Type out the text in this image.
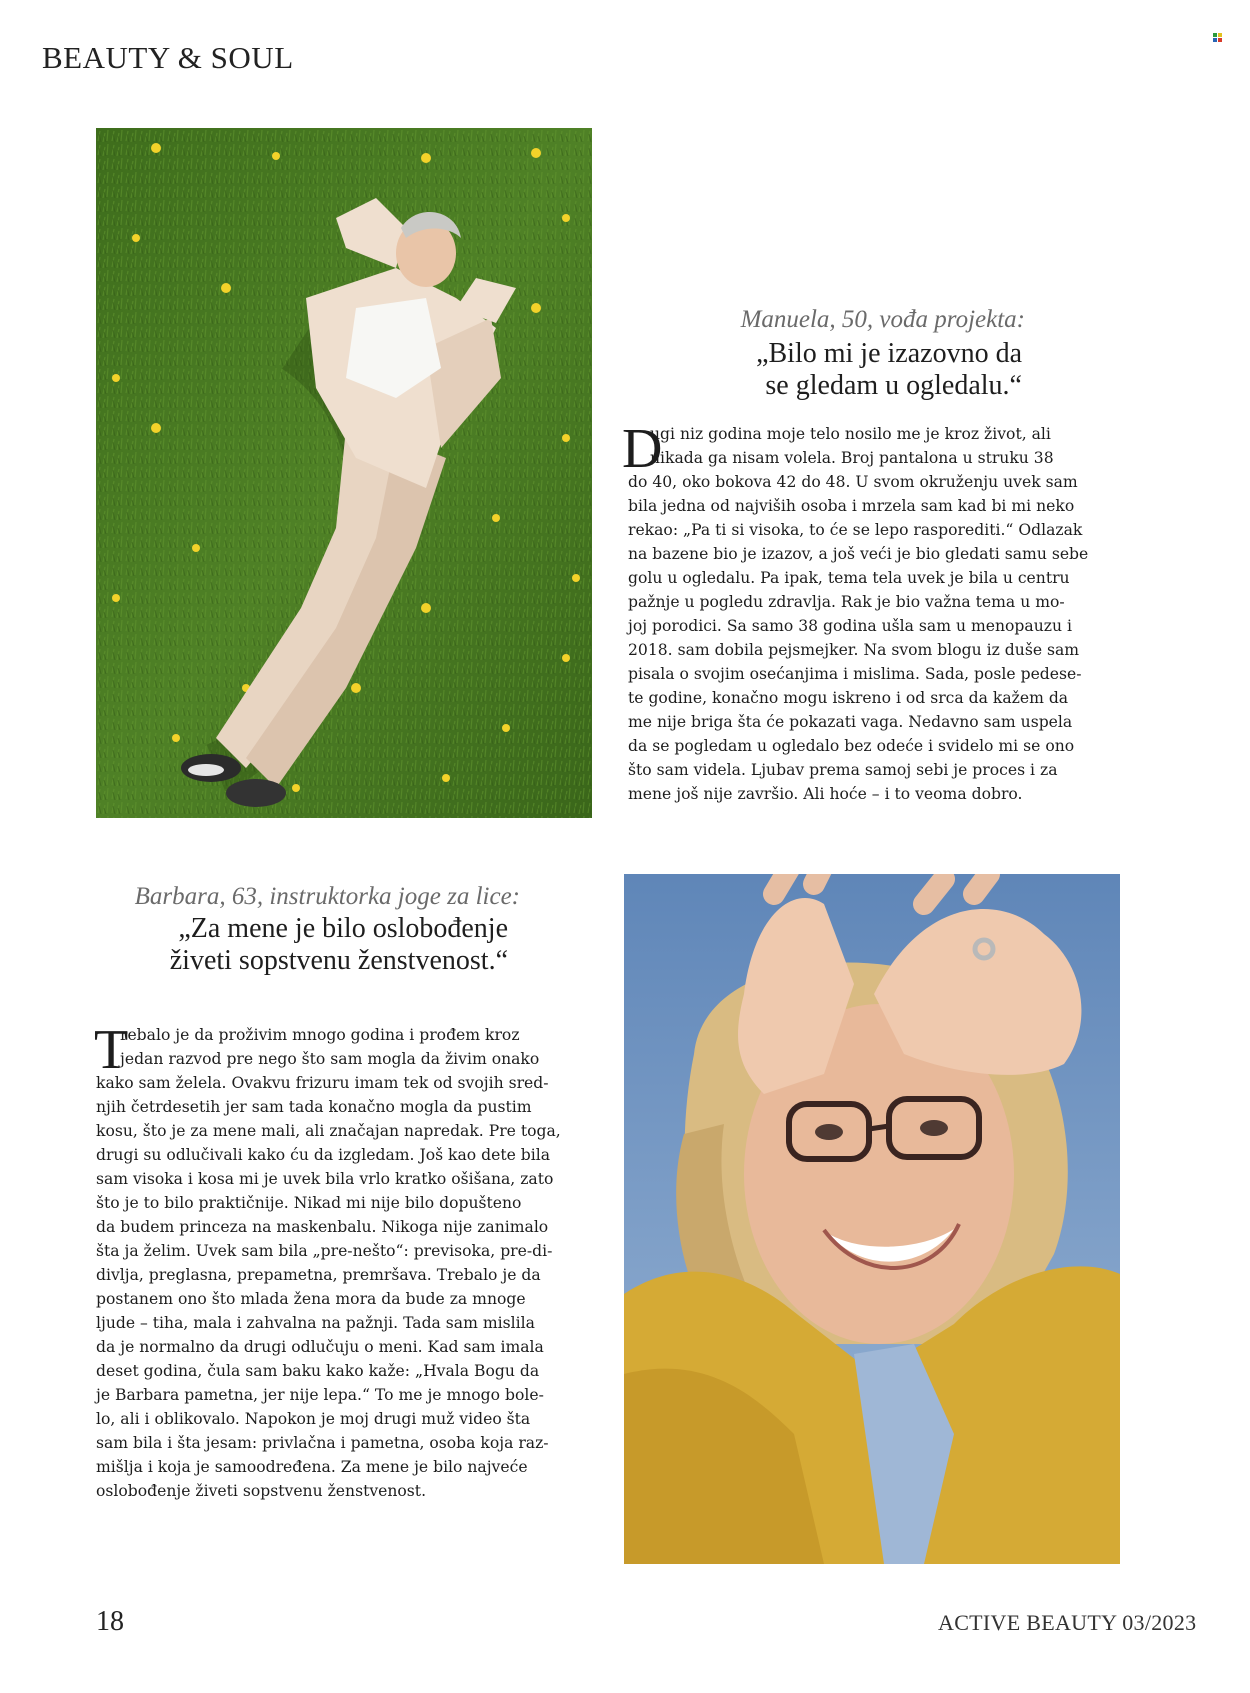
BEAUTY & SOUL
Manuela, 50, vođa projekta:
„Bilo mi je izazovno da
se gledam u ogledalu.“
D
ugi niz godina moje telo nosilo me je kroz život, ali
nikada ga nisam volela. Broj pantalona u struku 38
do 40, oko bokova 42 do 48. U svom okruženju uvek sam
bila jedna od najviših osoba i mrzela sam kad bi mi neko
rekao: „Pa ti si visoka, to će se lepo rasporediti.“ Odlazak
na bazene bio je izazov, a još veći je bio gledati samu sebe
golu u ogledalu. Pa ipak, tema tela uvek je bila u centru
pažnje u pogledu zdravlja. Rak je bio važna tema u mo-
joj porodici. Sa samo 38 godina ušla sam u menopauzu i
2018. sam dobila pejsmejker. Na svom blogu iz duše sam
pisala o svojim osećanjima i mislima. Sada, posle pedese-
te godine, konačno mogu iskreno i od srca da kažem da
me nije briga šta će pokazati vaga. Nedavno sam uspela
da se pogledam u ogledalo bez odeće i svidelo mi se ono
što sam videla. Ljubav prema samoj sebi je proces i za
mene još nije završio. Ali hoće – i to veoma dobro.
Barbara, 63, instruktorka joge za lice:
„Za mene je bilo oslobođenje
živeti sopstvenu ženstvenost.“
T
rebalo je da proživim mnogo godina i prođem kroz
jedan razvod pre nego što sam mogla da živim onako
kako sam želela. Ovakvu frizuru imam tek od svojih sred-
njih četrdesetih jer sam tada konačno mogla da pustim
kosu, što je za mene mali, ali značajan napredak. Pre toga,
drugi su odlučivali kako ću da izgledam. Još kao dete bila
sam visoka i kosa mi je uvek bila vrlo kratko ošišana, zato
što je to bilo praktičnije. Nikad mi nije bilo dopušteno
da budem princeza na maskenbalu. Nikoga nije zanimalo
šta ja želim. Uvek sam bila „pre-nešto“: previsoka, pre-di-
divlja, preglasna, prepametna, premršava. Trebalo je da
postanem ono što mlada žena mora da bude za mnoge
ljude – tiha, mala i zahvalna na pažnji. Tada sam mislila
da je normalno da drugi odlučuju o meni. Kad sam imala
deset godina, čula sam baku kako kaže: „Hvala Bogu da
je Barbara pametna, jer nije lepa.“ To me je mnogo bole-
lo, ali i oblikovalo. Napokon je moj drugi muž video šta
sam bila i šta jesam: privlačna i pametna, osoba koja raz-
mišlja i koja je samoodređena. Za mene je bilo najveće
oslobođenje živeti sopstvenu ženstvenost.
18	ACTIVE BEAUTY 03/2023
